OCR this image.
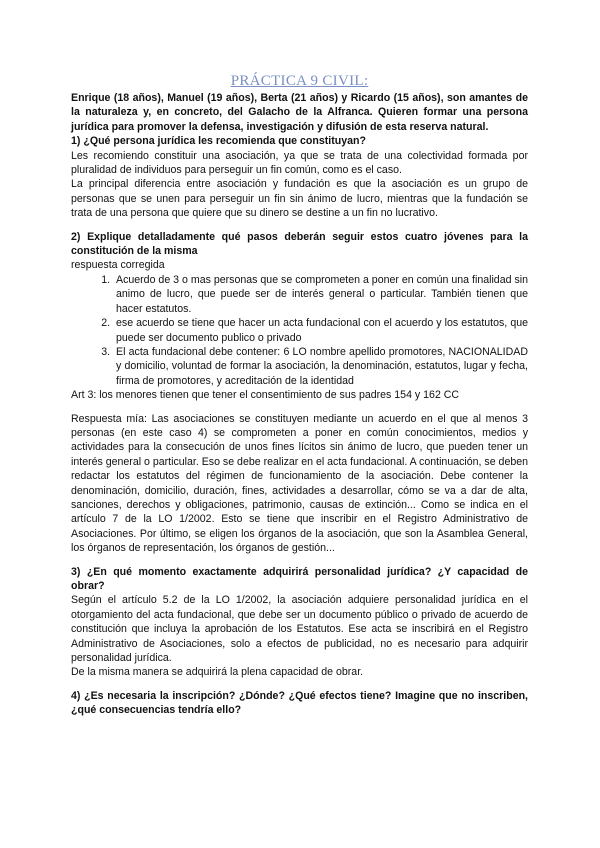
PRÁCTICA 9 CIVIL:

Enrique (18 años), Manuel (19 años), Berta (21 años) y Ricardo (15 años), son amantes de la naturaleza y, en concreto, del Galacho de la Alfranca. Quieren formar una persona jurídica para promover la defensa, investigación y difusión de esta reserva natural.

1) ¿Qué persona jurídica les recomienda que constituyan?

Les recomiendo constituir una asociación, ya que se trata de una colectividad formada por pluralidad de individuos para perseguir un fin común, como es el caso.

La principal diferencia entre asociación y fundación es que la asociación es un grupo de personas que se unen para perseguir un fin sin ánimo de lucro, mientras que la fundación se trata de una persona que quiere que su dinero se destine a un fin no lucrativo.

2) Explique detalladamente qué pasos deberán seguir estos cuatro jóvenes para la constitución de la misma

respuesta corregida

1. Acuerdo de 3 o mas personas que se comprometen a poner en común una finalidad sin animo de lucro, que puede ser de interés general o particular. También tienen que hacer estatutos.
2. ese acuerdo se tiene que hacer un acta fundacional con el acuerdo y los estatutos, que puede ser documento publico o privado
3. El acta fundacional debe contener: 6 LO nombre apellido promotores, NACIONALIDAD y domicilio, voluntad de formar la asociación, la denominación, estatutos, lugar y fecha, firma de promotores, y acreditación de la identidad

Art 3: los menores tienen que tener el consentimiento de sus padres 154 y 162 CC

Respuesta mía: Las asociaciones se constituyen mediante un acuerdo en el que al menos 3 personas (en este caso 4) se comprometen a poner en común conocimientos, medios y actividades para la consecución de unos fines lícitos sin ánimo de lucro, que pueden tener un interés general o particular. Eso se debe realizar en el acta fundacional. A continuación, se deben redactar los estatutos del régimen de funcionamiento de la asociación. Debe contener la denominación, domicilio, duración, fines, actividades a desarrollar, cómo se va a dar de alta, sanciones, derechos y obligaciones, patrimonio, causas de extinción... Como se indica en el artículo 7 de la LO 1/2002. Esto se tiene que inscribir en el Registro Administrativo de Asociaciones. Por último, se eligen los órganos de la asociación, que son la Asamblea General, los órganos de representación, los órganos de gestión...

3) ¿En qué momento exactamente adquirirá personalidad jurídica? ¿Y capacidad de obrar?

Según el artículo 5.2 de la LO 1/2002, la asociación adquiere personalidad jurídica en el otorgamiento del acta fundacional, que debe ser un documento público o privado de acuerdo de constitución que incluya la aprobación de los Estatutos. Ese acta se inscribirá en el Registro Administrativo de Asociaciones, solo a efectos de publicidad, no es necesario para adquirir personalidad jurídica.

De la misma manera se adquirirá la plena capacidad de obrar.

4) ¿Es necesaria la inscripción? ¿Dónde? ¿Qué efectos tiene? Imagine que no inscriben, ¿qué consecuencias tendría ello?
